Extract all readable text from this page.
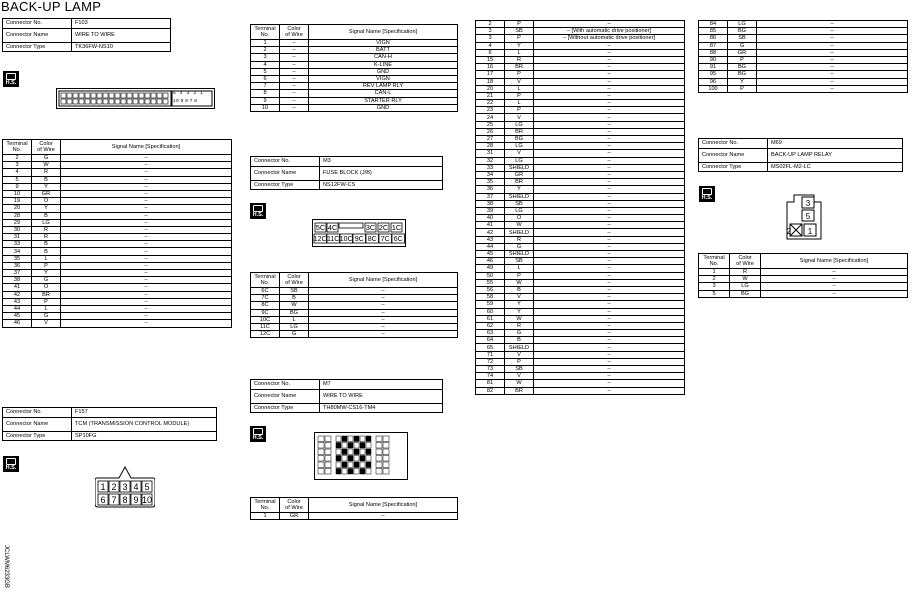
BACK-UP LAMP
Connector No.	F103
Connector Name	WIRE TO WIRE
Connector Type	TK36FW-NS10
H.S.
5 4 3 2 1
10 9 8 7 6
Terminal
No.	Color
of Wire	Signal Name [Specification]
2	G	–
3	W	–
4	R	–
5	B	–
9	Y	–
10	GR	–
19	O	–
20	Y	–
28	B	–
29	LG	–
30	R	–
31	R	–
33	B	–
34	B	–
35	L	–
36	P	–
37	Y	–
38	G	–
41	O	–
42	BR	–
43	P	–
44	L	–
45	G	–
46	V	–
Connector No.	F157
Connector Name	TCM (TRANSMISSION CONTROL MODULE)
Connector Type	SP10FG
H.S.
1 2 3 4 5
6 7 8 9 10
Terminal
No.	Color
of Wire	Signal Name [Specification]
1	–	VIGN
2	–	BATT
3	–	CAN-H
4	–	K-LINE
5	–	GND
6	–	VIGN
7	–	REV LAMP RLY
8	–	CAN-L
9	–	STARTER RLY
10	–	GND
Connector No.	M3
Connector Name	FUSE BLOCK (J/B)
Connector Type	NS12FW-CS
H.S.
5C 4C	3C 2C 1C
12C 11C 10C 9C 8C 7C 6C
Terminal
No.	Color
of Wire	Signal Name [Specification]
6C	SB	–
7C	B	–
8C	W	–
9C	BG	–
10C	L	–
11C	LG	–
12C	G	–
Connector No.	M7
Connector Name	WIRE TO WIRE
Connector Type	TH80MW-CS16-TM4
H.S.
Terminal
No.	Color
of Wire	Signal Name [Specification]
1	GR	–
2	P	–
3	SB	– [With automatic drive positioner]
3	P	– [Without automatic drive positioner]
4	Y	–
6	L	–
15	R	–
16	BR	–
17	P	–
18	V	–
20	L	–
21	P	–
22	L	–
23	P	–
24	V	–
25	LG	–
26	BR	–
27	BG	–
28	LG	–
31	V	–
32	LG	–
33	SHIELD	–
34	GR	–
35	BR	–
36	Y	–
37	SHIELD	–
38	SB	–
39	LG	–
40	O	–
41	W	–
42	SHIELD	–
43	R	–
44	G	–
45	SHIELD	–
46	SB	–
49	L	–
50	P	–
55	W	–
56	B	–
58	V	–
59	Y	–
60	Y	–
61	W	–
62	R	–
63	G	–
64	B	–
65	SHIELD	–
71	V	–
72	P	–
73	SB	–
74	V	–
81	W	–
82	BR	–
84	LG	–
85	BG	–
86	SB	–
87	G	–
88	GR	–
90	P	–
91	BG	–
95	BG	–
96	Y	–
100	P	–
Connector No.	M69
Connector Name	BACK-UP LAMP RELAY
Connector Type	MS02FL-M2-LC
H.S.
3
5
2 1
Terminal
No.	Color
of Wire	Signal Name [Specification]
1	R	–
2	W	–
3	LG	–
5	BG	–
JCLWM6233GB
